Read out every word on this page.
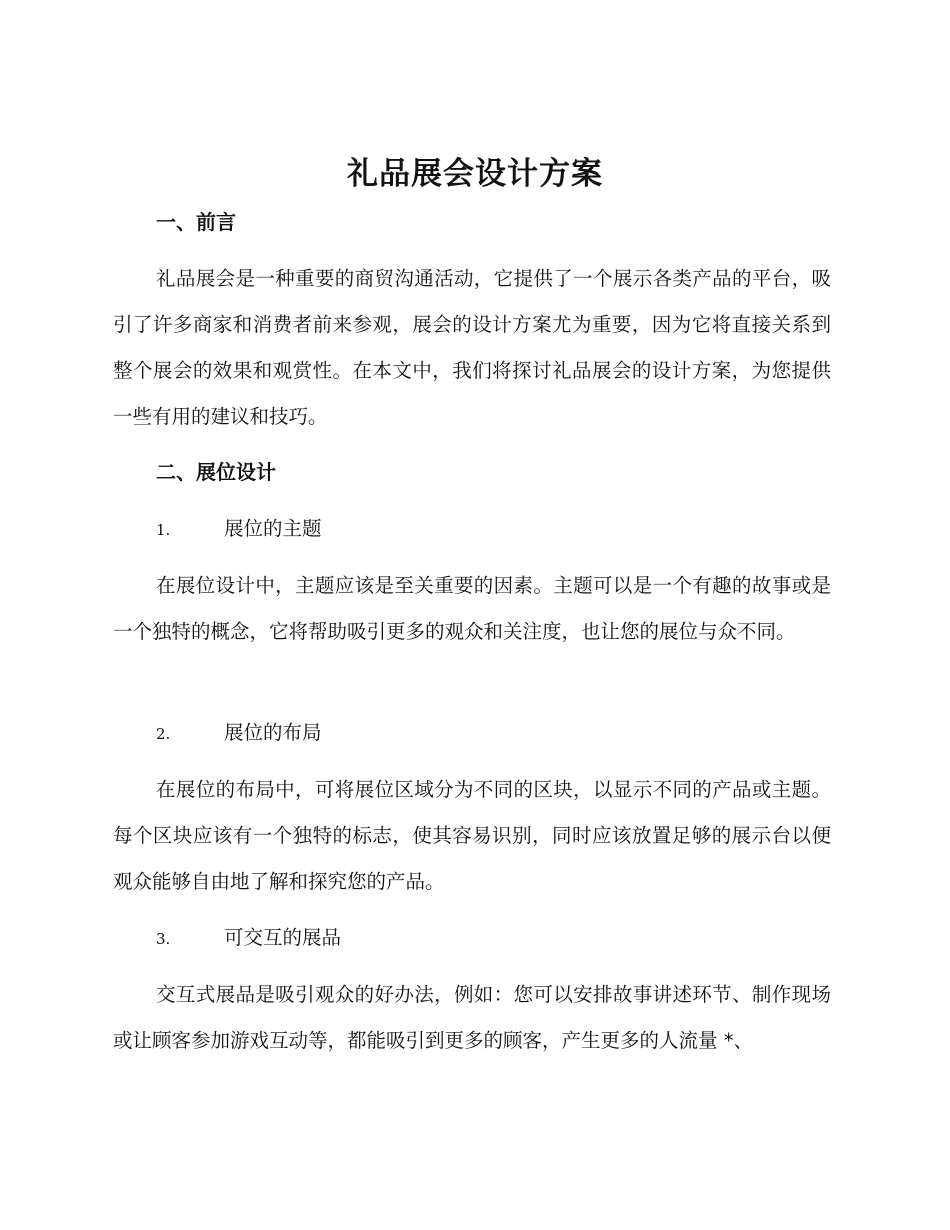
礼品展会设计方案
一、前言

礼品展会是一种重要的商贸沟通活动，它提供了一个展示各类产品的平台，吸引了许多商家和消费者前来参观，展会的设计方案尤为重要，因为它将直接关系到整个展会的效果和观赏性。在本文中，我们将探讨礼品展会的设计方案，为您提供一些有用的建议和技巧。

二、展位设计
1.	展位的主题

在展位设计中，主题应该是至关重要的因素。主题可以是一个有趣的故事或是一个独特的概念，它将帮助吸引更多的观众和关注度，也让您的展位与众不同。

2.	展位的布局

在展位的布局中，可将展位区域分为不同的区块，以显示不同的产品或主题。每个区块应该有一个独特的标志，使其容易识别，同时应该放置足够的展示台以便观众能够自由地了解和探究您的产品。

3.	可交互的展品

交互式展品是吸引观众的好办法，例如：您可以安排故事讲述环节、制作现场或让顾客参加游戏互动等，都能吸引到更多的顾客，产生更多的人流量 *、
